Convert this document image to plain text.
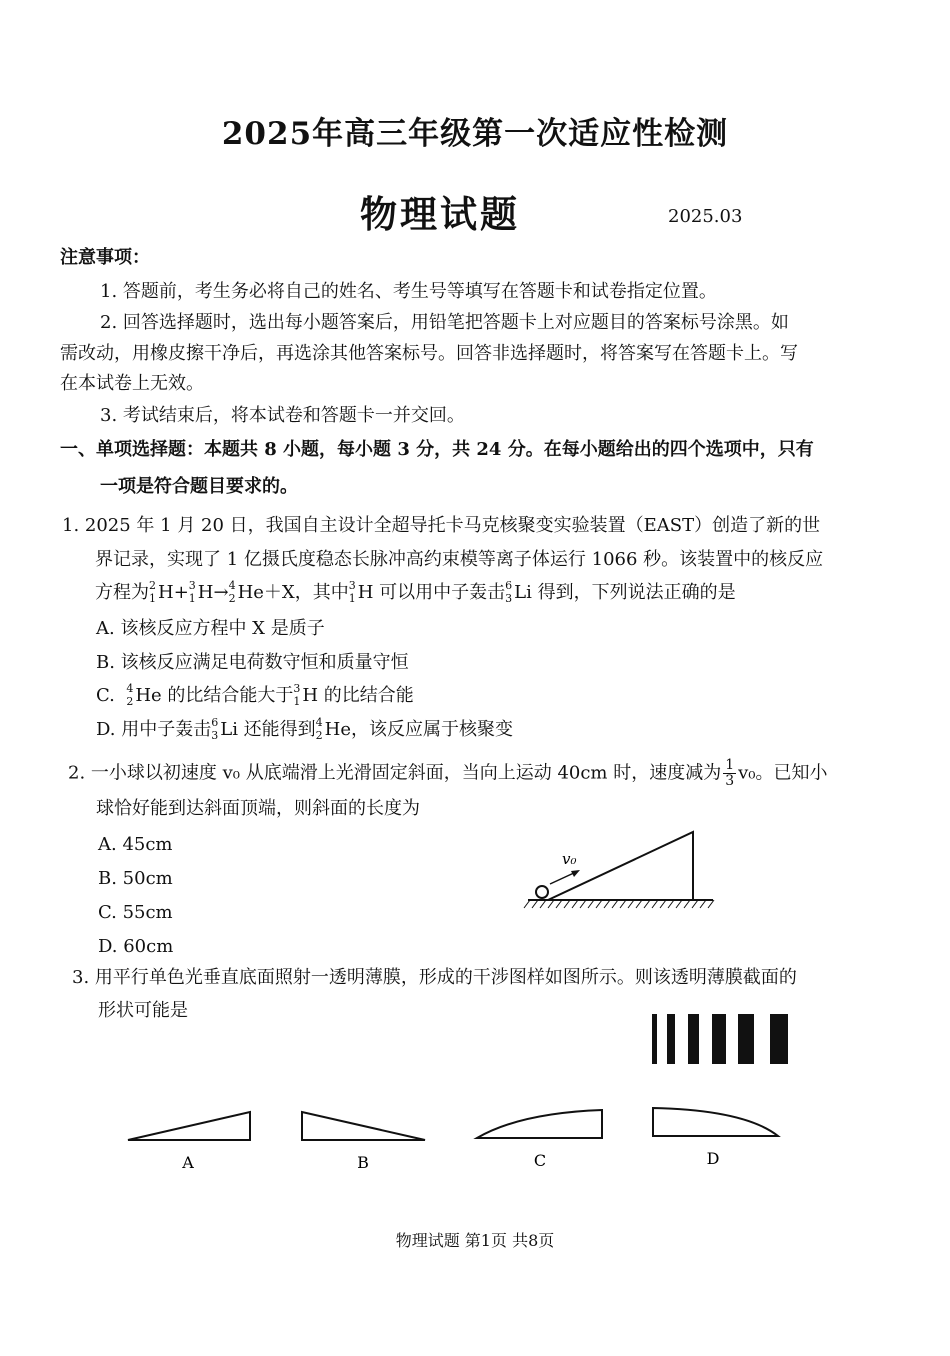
2025年高三年级第一次适应性检测
物理试题	2025.03
注意事项：
1. 答题前，考生务必将自己的姓名、考生号等填写在答题卡和试卷指定位置。
2. 回答选择题时，选出每小题答案后，用铅笔把答题卡上对应题目的答案标号涂黑。如
需改动，用橡皮擦干净后，再选涂其他答案标号。回答非选择题时，将答案写在答题卡上。写
在本试卷上无效。
3. 考试结束后，将本试卷和答题卡一并交回。
一、单项选择题：本题共 8 小题，每小题 3 分，共 24 分。在每小题给出的四个选项中，只有
一项是符合题目要求的。
1. 2025 年 1 月 20 日，我国自主设计全超导托卡马克核聚变实验装置（EAST）创造了新的世
界记录，实现了 1 亿摄氏度稳态长脉冲高约束模等离子体运行 1066 秒。该装置中的核反应
方程为 2
1 H+ 3
1 H→ 4
2 He＋X，其中 3
1 H 可以用中子轰击 6
3 Li 得到，下列说法正确的是
A. 该核反应方程中 X 是质子
B. 该核反应满足电荷数守恒和质量守恒
C. 4
2 He 的比结合能大于 3
1 H 的比结合能
D. 用中子轰击 6
3 Li 还能得到 4
2 He，该反应属于核聚变
2. 一小球以初速度 v₀ 从底端滑上光滑固定斜面，当向上运动 40cm 时，速度减为 $\frac{1}{3} v_0$。已知小
球恰好能到达斜面顶端，则斜面的长度为
A. 45cm
B. 50cm
C. 55cm
D. 60cm
v₀
3. 用平行单色光垂直底面照射一透明薄膜，形成的干涉图样如图所示。则该透明薄膜截面的
形状可能是
A	B	C	D
物理试题 第1页 共8页
